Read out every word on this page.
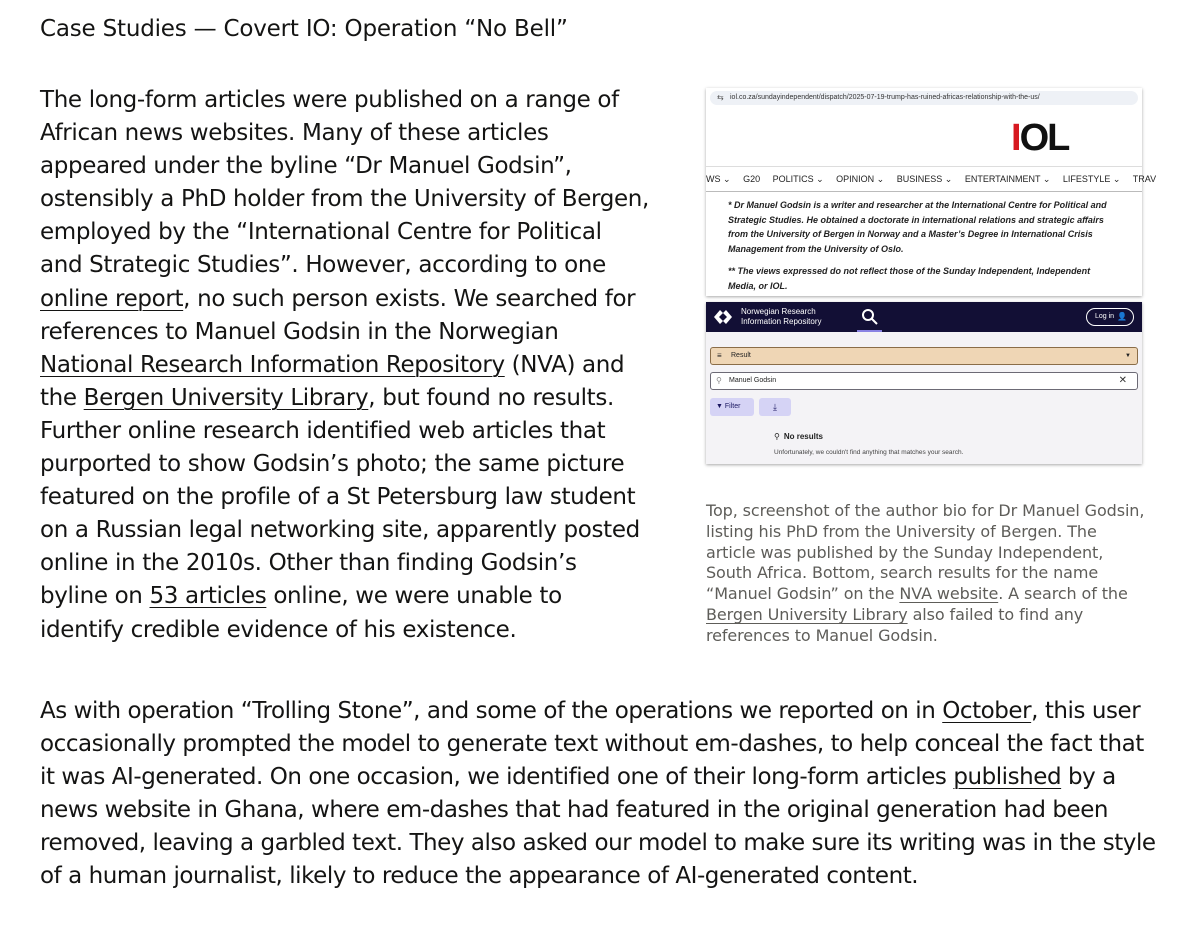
Case Studies — Covert IO: Operation “No Bell”
The long-form articles were published on a range of African news websites. Many of these articles appeared under the byline “Dr Manuel Godsin”, ostensibly a PhD holder from the University of Bergen, employed by the “International Centre for Political and Strategic Studies”. However, according to one online report, no such person exists. We searched for references to Manuel Godsin in the Norwegian National Research Information Repository (NVA) and the Bergen University Library, but found no results. Further online research identified web articles that purported to show Godsin’s photo; the same picture featured on the profile of a St Petersburg law student on a Russian legal networking site, apparently posted online in the 2010s. Other than finding Godsin’s byline on 53 articles online, we were unable to identify credible evidence of his existence.
⇆ iol.co.za/sundayindependent/dispatch/2025-07-19-trump-has-ruined-africas-relationship-with-the-us/
IOL
WS ⌄ G20 POLITICS ⌄ OPINION ⌄ BUSINESS ⌄ ENTERTAINMENT ⌄ LIFESTYLE ⌄ TRAV

* Dr Manuel Godsin is a writer and researcher at the International Centre for Political and Strategic Studies. He obtained a doctorate in international relations and strategic affairs from the University of Bergen in Norway and a Master’s Degree in International Crisis Management from the University of Oslo.

** The views expressed do not reflect those of the Sunday Independent, Independent Media, or IOL.

Norwegian Research
Information Repository
Log in 👤
≡ Result	▼
⚲ Manuel Godsin	✕
▼ Filter	⤓
⚲ No results
Unfortunately, we couldn't find anything that matches your search.
Top, screenshot of the author bio for Dr Manuel Godsin, listing his PhD from the University of Bergen. The article was published by the Sunday Independent, South Africa. Bottom, search results for the name “Manuel Godsin” on the NVA website. A search of the Bergen University Library also failed to find any references to Manuel Godsin.
As with operation “Trolling Stone”, and some of the operations we reported on in October, this user occasionally prompted the model to generate text without em-dashes, to help conceal the fact that it was AI-generated. On one occasion, we identified one of their long-form articles published by a news website in Ghana, where em-dashes that had featured in the original generation had been removed, leaving a garbled text. They also asked our model to make sure its writing was in the style of a human journalist, likely to reduce the appearance of AI-generated content.
